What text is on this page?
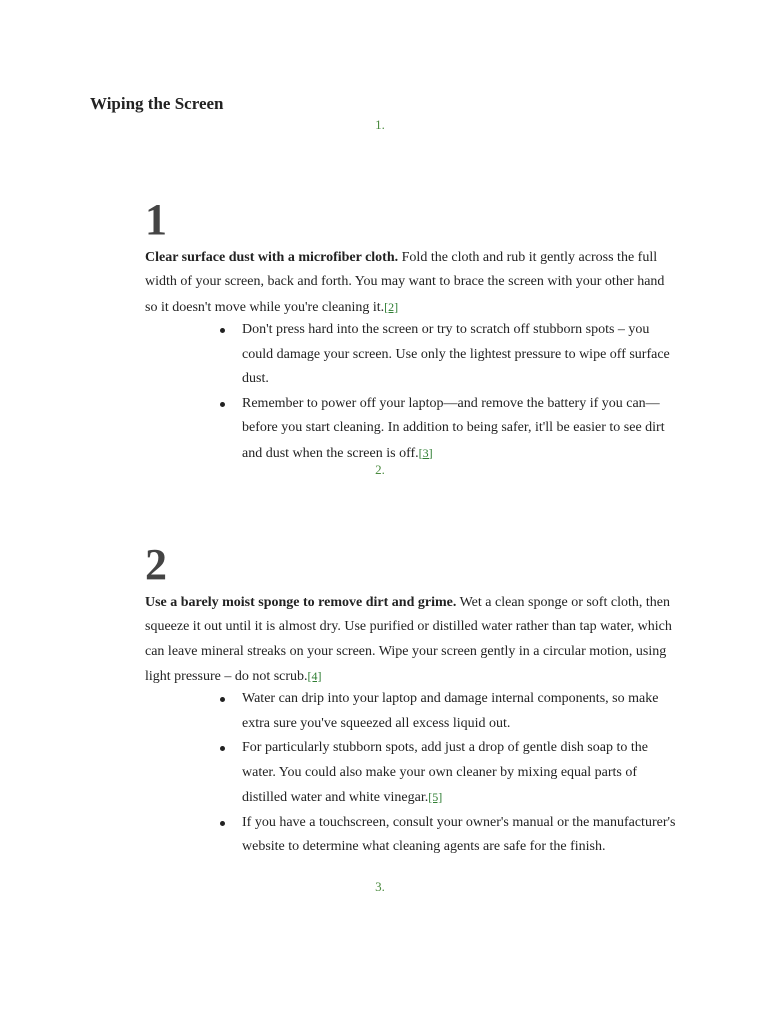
Wiping the Screen
1.
1

Clear surface dust with a microfiber cloth. Fold the cloth and rub it gently across the full width of your screen, back and forth. You may want to brace the screen with your other hand so it doesn't move while you're cleaning it.[2]

Don't press hard into the screen or try to scratch off stubborn spots – you could damage your screen. Use only the lightest pressure to wipe off surface dust.
Remember to power off your laptop—and remove the battery if you can—before you start cleaning. In addition to being safer, it'll be easier to see dirt and dust when the screen is off.[3]
2.
2

Use a barely moist sponge to remove dirt and grime. Wet a clean sponge or soft cloth, then squeeze it out until it is almost dry. Use purified or distilled water rather than tap water, which can leave mineral streaks on your screen. Wipe your screen gently in a circular motion, using light pressure – do not scrub.[4]

Water can drip into your laptop and damage internal components, so make extra sure you've squeezed all excess liquid out.
For particularly stubborn spots, add just a drop of gentle dish soap to the water. You could also make your own cleaner by mixing equal parts of distilled water and white vinegar.[5]
If you have a touchscreen, consult your owner's manual or the manufacturer's website to determine what cleaning agents are safe for the finish.
3.
